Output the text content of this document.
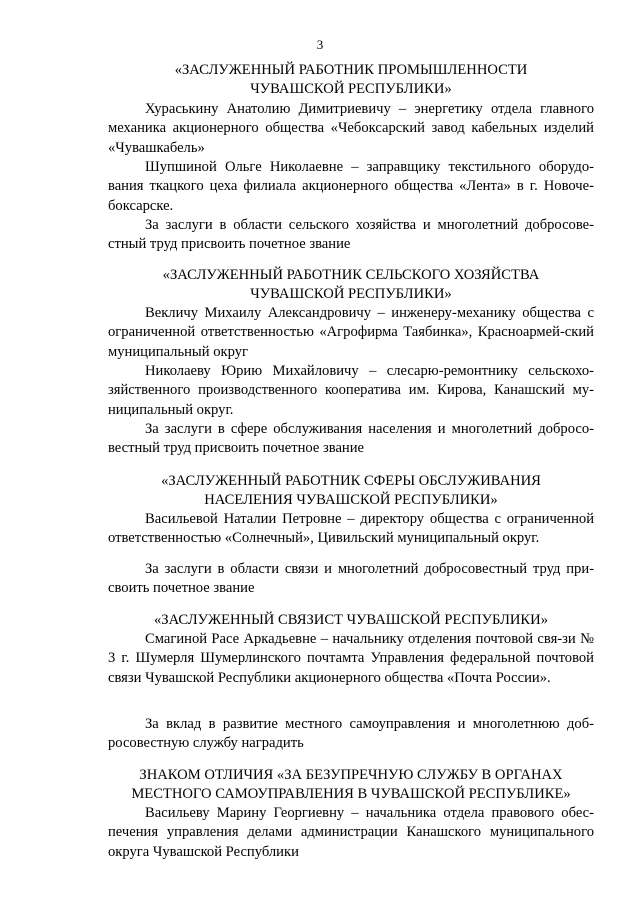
3
«ЗАСЛУЖЕННЫЙ РАБОТНИК ПРОМЫШЛЕННОСТИ
ЧУВАШСКОЙ РЕСПУБЛИКИ»
Хураськину Анатолию Димитриевичу – энергетику отдела главного механика акционерного общества «Чебоксарский завод кабельных изделий «Чувашкабель»
Шупшиной Ольге Николаевне – заправщику текстильного оборудо-вания ткацкого цеха филиала акционерного общества «Лента» в г. Новоче-боксарске.
За заслуги в области сельского хозяйства и многолетний добросове-стный труд присвоить почетное звание
«ЗАСЛУЖЕННЫЙ РАБОТНИК СЕЛЬСКОГО ХОЗЯЙСТВА
ЧУВАШСКОЙ РЕСПУБЛИКИ»
Векличу Михаилу Александровичу – инженеру-механику общества с ограниченной ответственностью «Агрофирма Таябинка», Красноармей-ский муниципальный округ
Николаеву Юрию Михайловичу – слесарю-ремонтнику сельскохо-зяйственного производственного кооператива им. Кирова, Канашский му-ниципальный округ.
За заслуги в сфере обслуживания населения и многолетний добросо-вестный труд присвоить почетное звание
«ЗАСЛУЖЕННЫЙ РАБОТНИК СФЕРЫ ОБСЛУЖИВАНИЯ
НАСЕЛЕНИЯ ЧУВАШСКОЙ РЕСПУБЛИКИ»
Васильевой Наталии Петровне – директору общества с ограниченной ответственностью «Солнечный», Цивильский муниципальный округ.
За заслуги в области связи и многолетний добросовестный труд при-своить почетное звание
«ЗАСЛУЖЕННЫЙ СВЯЗИСТ ЧУВАШСКОЙ РЕСПУБЛИКИ»
Смагиной Расе Аркадьевне – начальнику отделения почтовой свя-зи № 3 г. Шумерля Шумерлинского почтамта Управления федеральной почтовой связи Чувашской Республики акционерного общества «Почта России».
За вклад в развитие местного самоуправления и многолетнюю доб-росовестную службу наградить
ЗНАКОМ ОТЛИЧИЯ «ЗА БЕЗУПРЕЧНУЮ СЛУЖБУ В ОРГАНАХ
МЕСТНОГО САМОУПРАВЛЕНИЯ В ЧУВАШСКОЙ РЕСПУБЛИКЕ»
Васильеву Марину Георгиевну – начальника отдела правового обес-печения управления делами администрации Канашского муниципального округа Чувашской Республики
